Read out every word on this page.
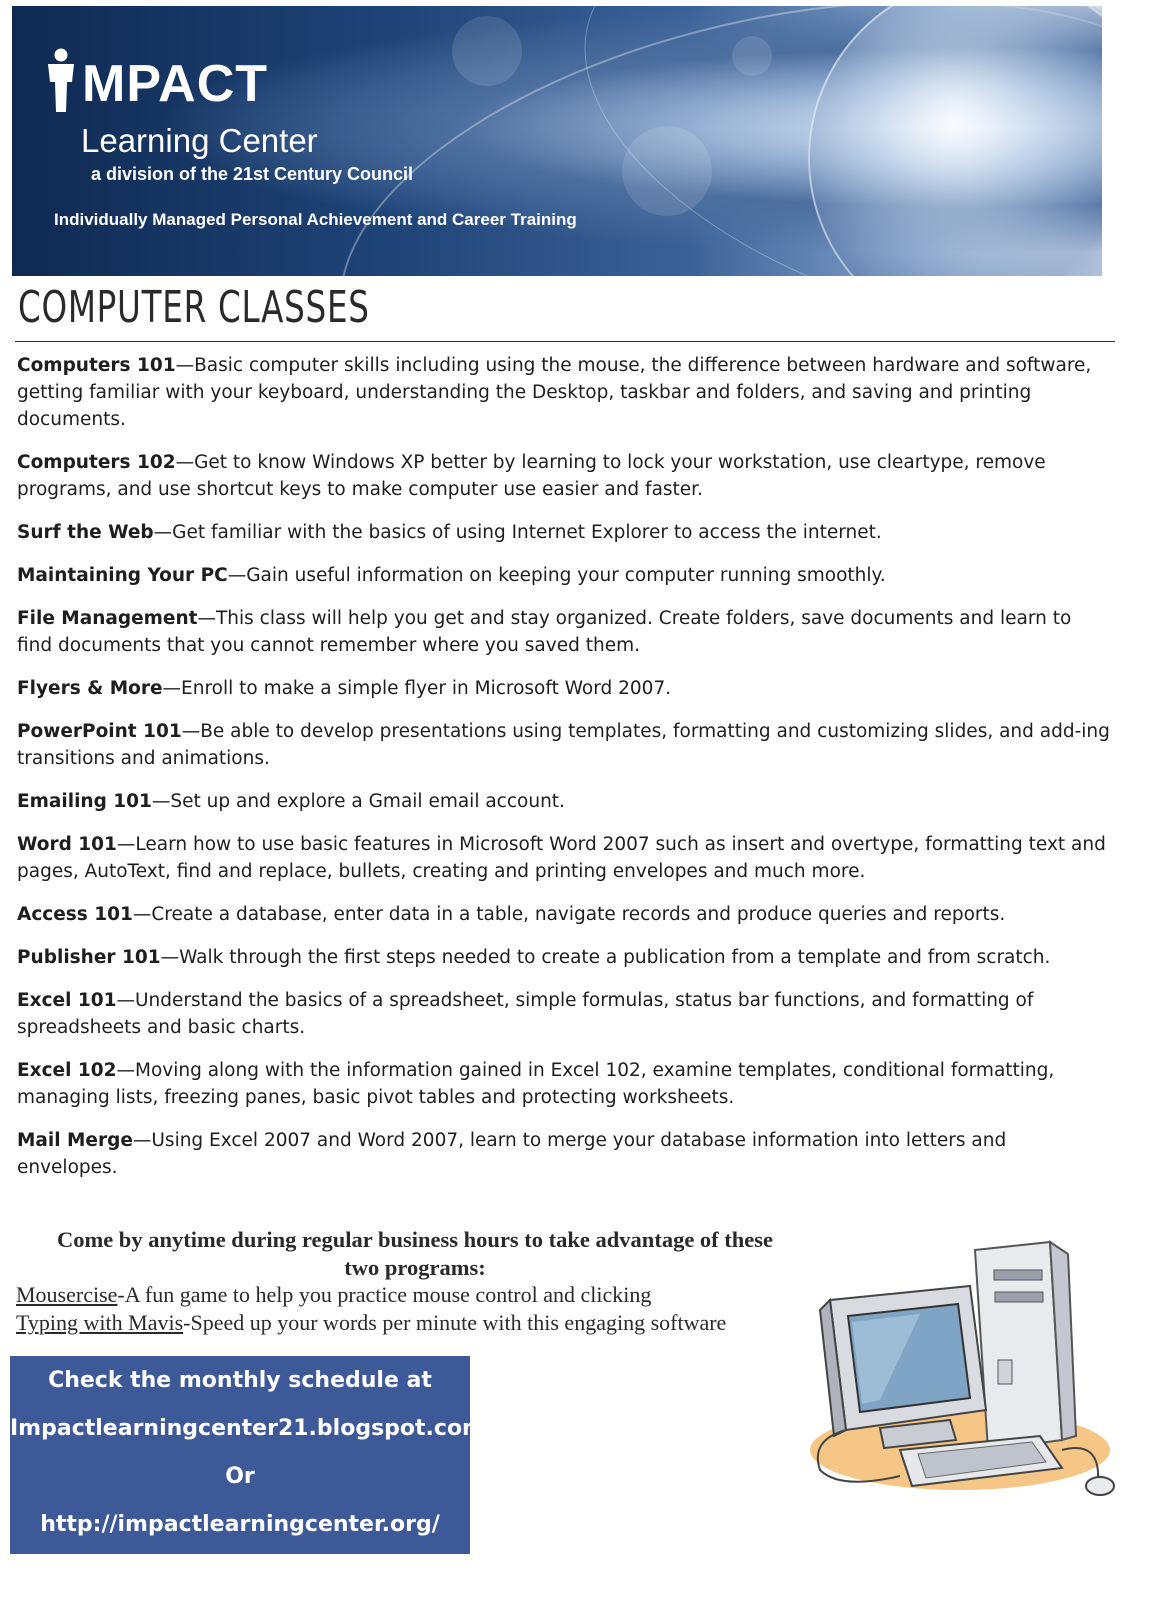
MPACT
Learning Center
a division of the 21st Century Council
Individually Managed Personal Achievement and Career Training
COMPUTER CLASSES

Computers 101—Basic computer skills including using the mouse, the difference between hardware and software, getting familiar with your keyboard, understanding the Desktop, taskbar and folders, and saving and printing documents.

Computers 102—Get to know Windows XP better by learning to lock your workstation, use cleartype, remove programs, and use shortcut keys to make computer use easier and faster.

Surf the Web—Get familiar with the basics of using Internet Explorer to access the internet.

Maintaining Your PC—Gain useful information on keeping your computer running smoothly.

File Management—This class will help you get and stay organized. Create folders, save documents and learn to find documents that you cannot remember where you saved them.

Flyers & More—Enroll to make a simple flyer in Microsoft Word 2007.

PowerPoint 101—Be able to develop presentations using templates, formatting and customizing slides, and add-ing transitions and animations.

Emailing 101—Set up and explore a Gmail email account.

Word 101—Learn how to use basic features in Microsoft Word 2007 such as insert and overtype, formatting text and pages, AutoText, find and replace, bullets, creating and printing envelopes and much more.

Access 101—Create a database, enter data in a table, navigate records and produce queries and reports.

Publisher 101—Walk through the first steps needed to create a publication from a template and from scratch.

Excel 101—Understand the basics of a spreadsheet, simple formulas, status bar functions, and formatting of spreadsheets and basic charts.

Excel 102—Moving along with the information gained in Excel 102, examine templates, conditional formatting, managing lists, freezing panes, basic pivot tables and protecting worksheets.

Mail Merge—Using Excel 2007 and Word 2007, learn to merge your database information into letters and envelopes.

Come by anytime during regular business hours to take advantage of these
two programs:
Mousercise-A fun game to help you practice mouse control and clicking
Typing with Mavis-Speed up your words per minute with this engaging software
Check the monthly schedule at
Impactlearningcenter21.blogspot.com
Or
http://impactlearningcenter.org/
